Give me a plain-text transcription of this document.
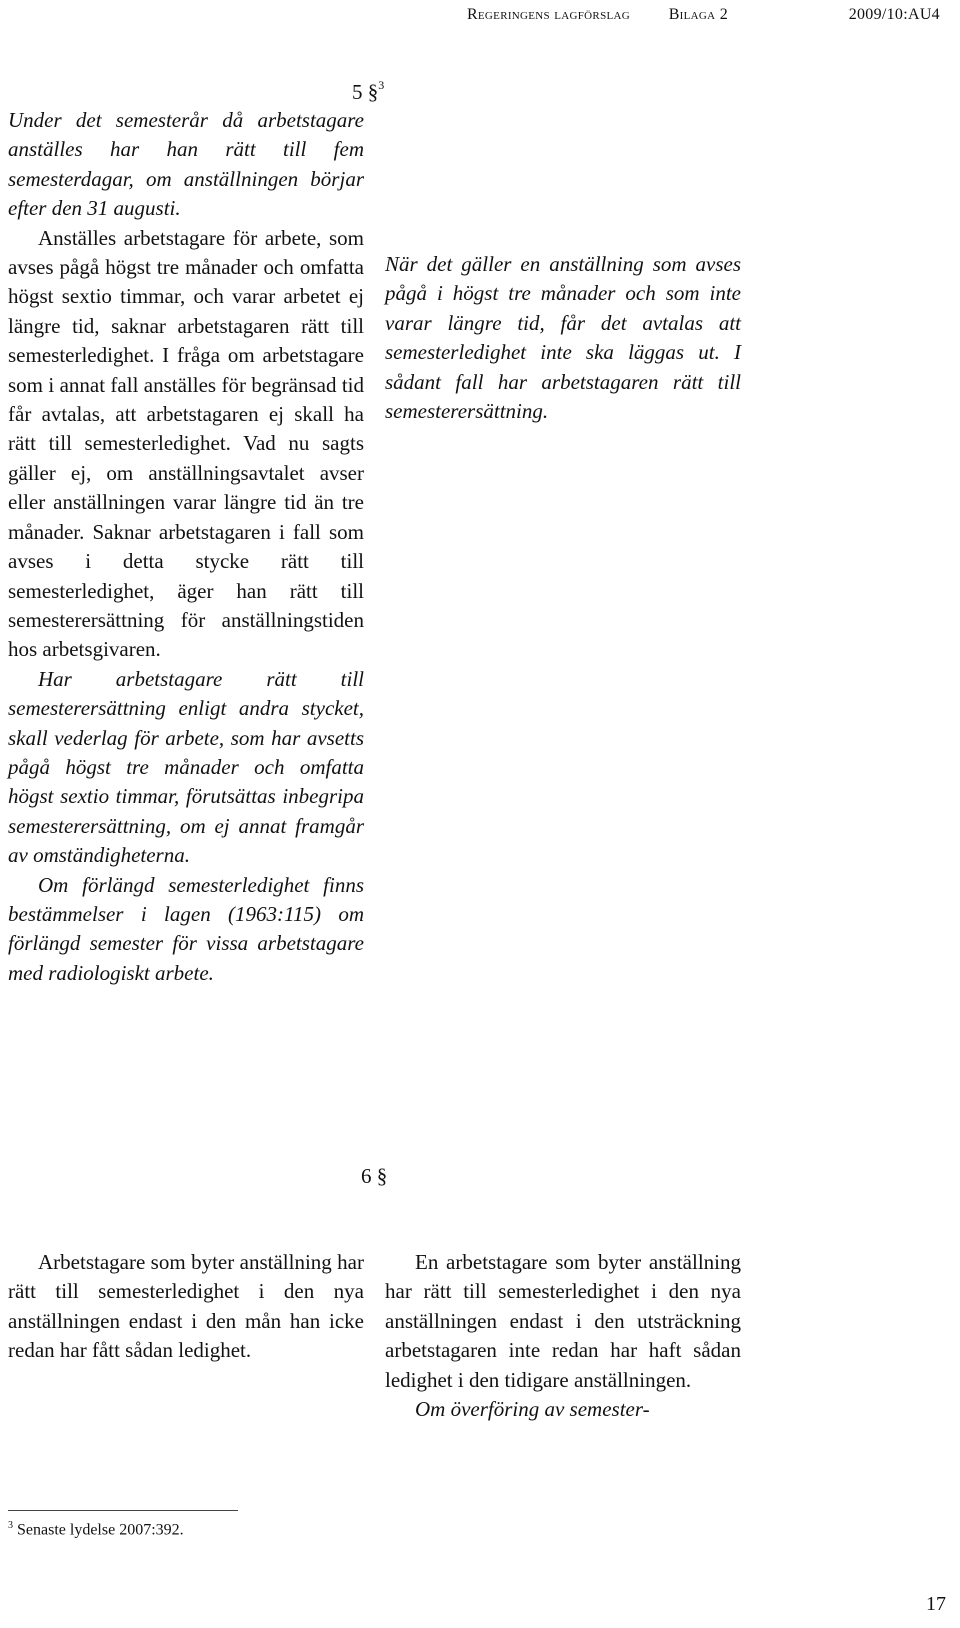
Regeringens lagförslag Bilaga 2	2009/10:AU4
5 §$^3$

Under det semesterår då arbetstagare anställes har han rätt till fem semesterdagar, om anställningen börjar efter den 31 augusti.

Anställes arbetstagare för arbete, som avses pågå högst tre månader och omfatta högst sextio timmar, och varar arbetet ej längre tid, saknar arbetstagaren rätt till semesterledighet. I fråga om arbetstagare som i annat fall anställes för begränsad tid får avtalas, att arbetstagaren ej skall ha rätt till semesterledighet. Vad nu sagts gäller ej, om anställningsavtalet avser eller anställningen varar längre tid än tre månader. Saknar arbetstagaren i fall som avses i detta stycke rätt till semesterledighet, äger han rätt till semesterersättning för anställningstiden hos arbetsgivaren.

Har arbetstagare rätt till semesterersättning enligt andra stycket, skall vederlag för arbete, som har avsetts pågå högst tre månader och omfatta högst sextio timmar, förutsättas inbegripa semesterersättning, om ej annat framgår av omständigheterna.

Om förlängd semesterledighet finns bestämmelser i lagen (1963:115) om förlängd semester för vissa arbetstagare med radiologiskt arbete.

När det gäller en anställning som avses pågå i högst tre månader och som inte varar längre tid, får det avtalas att semesterledighet inte ska läggas ut. I sådant fall har arbetstagaren rätt till semesterersättning.

6 §

Arbetstagare som byter anställning har rätt till semesterledighet i den nya anställningen endast i den mån han icke redan har fått sådan ledighet.

En arbetstagare som byter anställning har rätt till semesterledighet i den nya anställningen endast i den utsträckning arbetstagaren inte redan har haft sådan ledighet i den tidigare anställningen.

Om överföring av semester-

$^3$ Senaste lydelse 2007:392.
17
